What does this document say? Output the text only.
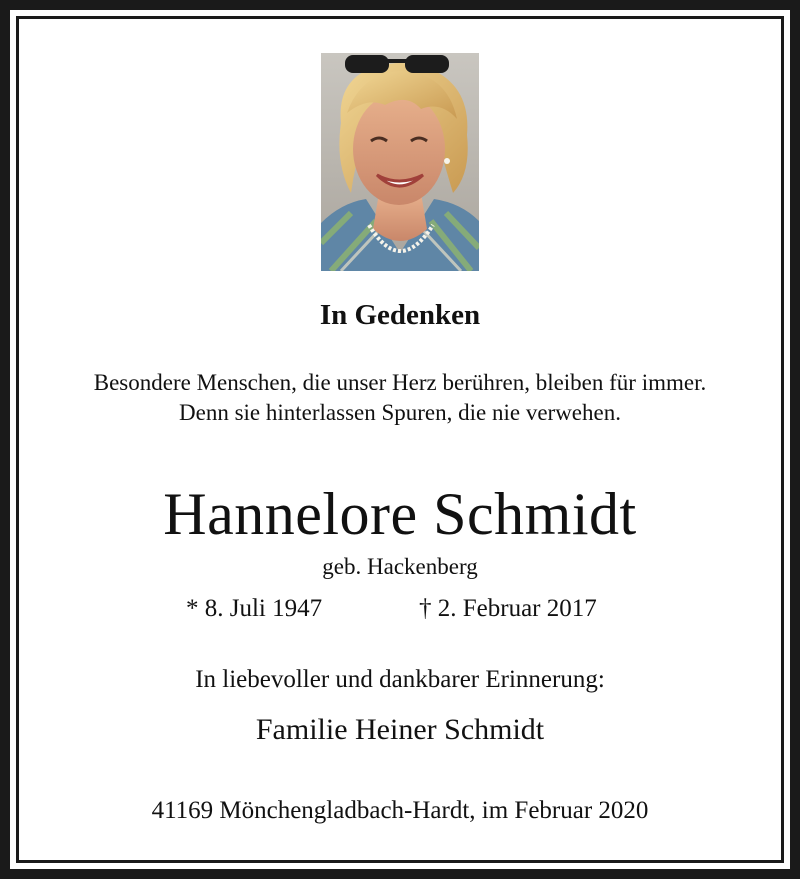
In Gedenken
Besondere Menschen, die unser Herz berühren, bleiben für immer.
Denn sie hinterlassen Spuren, die nie verwehen.
Hannelore Schmidt
geb. Hackenberg
* 8. Juli 1947	† 2. Februar 2017
In liebevoller und dankbarer Erinnerung:
Familie Heiner Schmidt
41169 Mönchengladbach-Hardt, im Februar 2020
